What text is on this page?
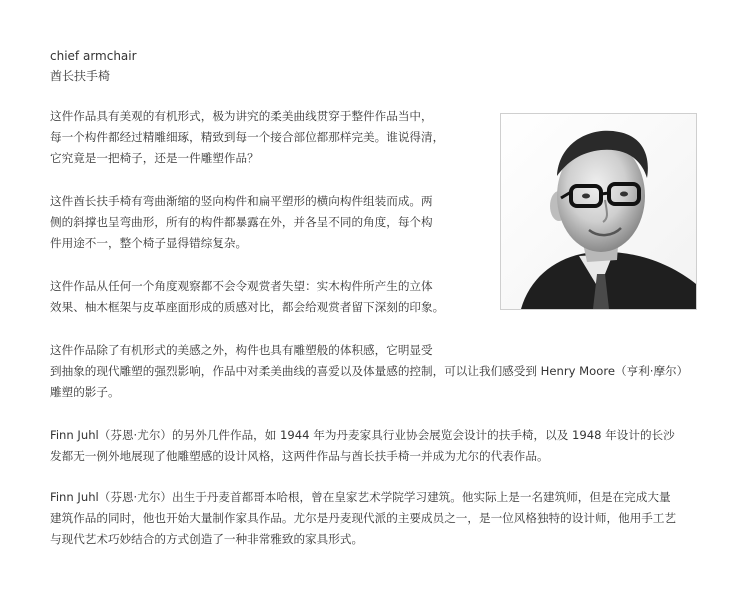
chief armchair
酋长扶手椅

这件作品具有美观的有机形式，极为讲究的柔美曲线贯穿于整件作品当中，
每一个构件都经过精雕细琢，精致到每一个接合部位都那样完美。谁说得清，
它究竟是一把椅子，还是一件雕塑作品？

这件酋长扶手椅有弯曲渐缩的竖向构件和扁平塑形的横向构件组装而成。两
侧的斜撑也呈弯曲形，所有的构件都暴露在外，并各呈不同的角度，每个构
件用途不一，整个椅子显得错综复杂。

这件作品从任何一个角度观察都不会令观赏者失望：实木构件所产生的立体
效果、柚木框架与皮革座面形成的质感对比，都会给观赏者留下深刻的印象。

这件作品除了有机形式的美感之外，构件也具有雕塑般的体积感，它明显受
到抽象的现代雕塑的强烈影响，作品中对柔美曲线的喜爱以及体量感的控制，可以让我们感受到 Henry Moore（亨利·摩尔）
雕塑的影子。

Finn Juhl（芬恩·尤尔）的另外几件作品，如 1944 年为丹麦家具行业协会展览会设计的扶手椅，以及 1948 年设计的长沙
发都无一例外地展现了他雕塑感的设计风格，这两件作品与酋长扶手椅一并成为尤尔的代表作品。

Finn Juhl（芬恩·尤尔）出生于丹麦首都哥本哈根，曾在皇家艺术学院学习建筑。他实际上是一名建筑师，但是在完成大量
建筑作品的同时，他也开始大量制作家具作品。尤尔是丹麦现代派的主要成员之一，是一位风格独特的设计师，他用手工艺
与现代艺术巧妙结合的方式创造了一种非常雅致的家具形式。
